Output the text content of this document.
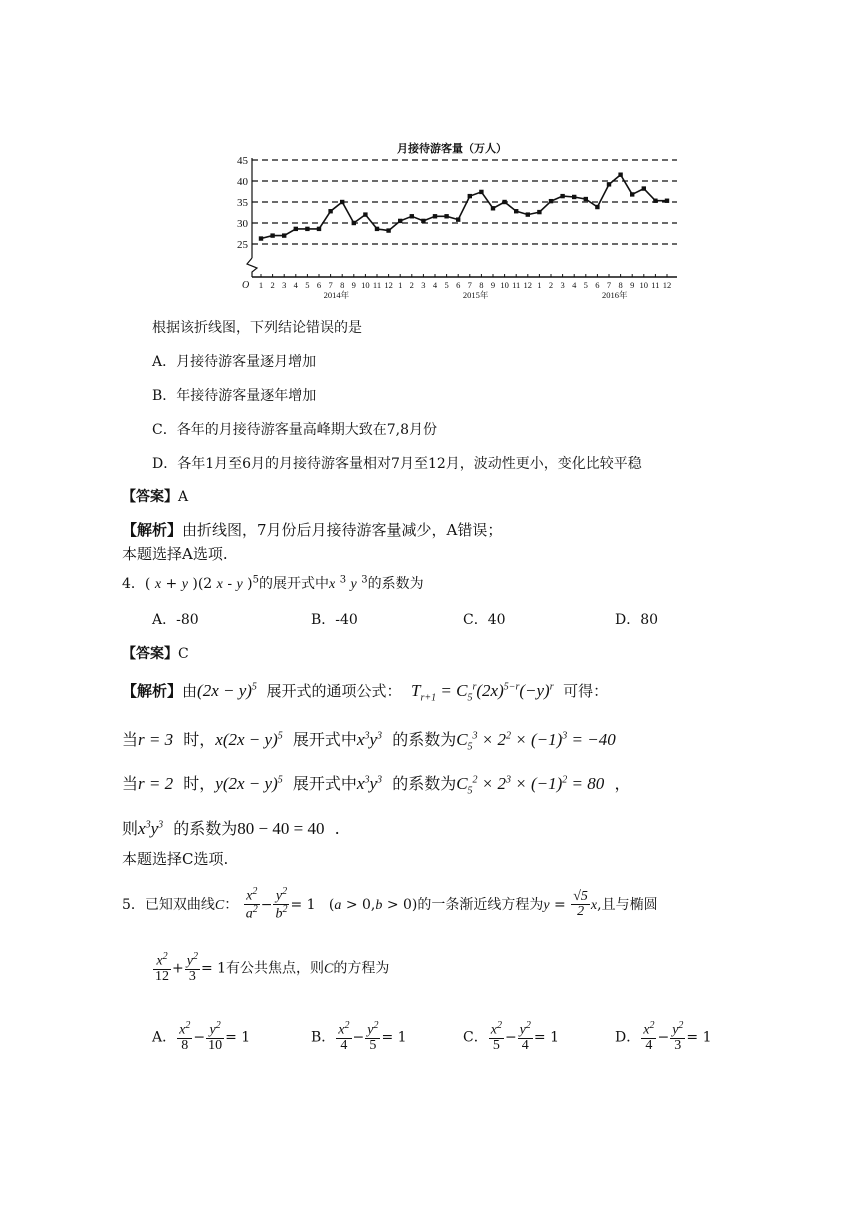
月接待游客量（万人）
25
30
35
40
45
O 1 2 3 4 5 6 7 8 9 10 11 12 1 2 3 4 5 6 7 8 9 10 11 12 1 2 3 4 5 6 7 8 9 10 11 12
2014年	2015年	2016年
根据该折线图，下列结论错误的是
A．月接待游客量逐月增加
B．年接待游客量逐年增加
C．各年的月接待游客量高峰期大致在7,8月份
D．各年1月至6月的月接待游客量相对7月至12月，波动性更小，变化比较平稳
【答案】A
【解析】由折线图，7月份后月接待游客量减少，A错误；
本题选择A选项.
4．( x + y )(2 x - y )$^5$的展开式中x $^3$ y $^3$的系数为
A．-80	B．-40	C．40	D．80
【答案】C
【解析】由$(2x - y)^5$ 展开式的通项公式： $T_{r+1} = C_5^r(2x)^{5-r}(-y)^r$ 可得：
当r = 3 时，$x(2x - y)^5$ 展开式中$x^3y^3$ 的系数为$C_5^3 \times 2^2 \times (-1)^3 = -40$
当r = 2 时，$y(2x - y)^5$ 展开式中$x^3y^3$ 的系数为$C_5^2 \times 2^3 \times (-1)^2 = 80$  ，
则$x^3y^3$ 的系数为80 − 40 = 40  .
本题选择C选项.
5．已知双曲线C： $\frac{x^2}{a^2} - \frac{y^2}{b^2} = 1$   (a > 0,b > 0)的一条渐近线方程为$y = \frac{√5}{2} x$,且与椭圆
$\frac{x^2}{12} + \frac{y^2}{3} = 1$有公共焦点，则C的方程为
A． $\frac{x^2}{8} - \frac{y^2}{10} = 1$	B． $\frac{x^2}{4} - \frac{y^2}{5} = 1$	C． $\frac{x^2}{5} - \frac{y^2}{4} = 1$	D． $\frac{x^2}{4} - \frac{y^2}{3} = 1$
